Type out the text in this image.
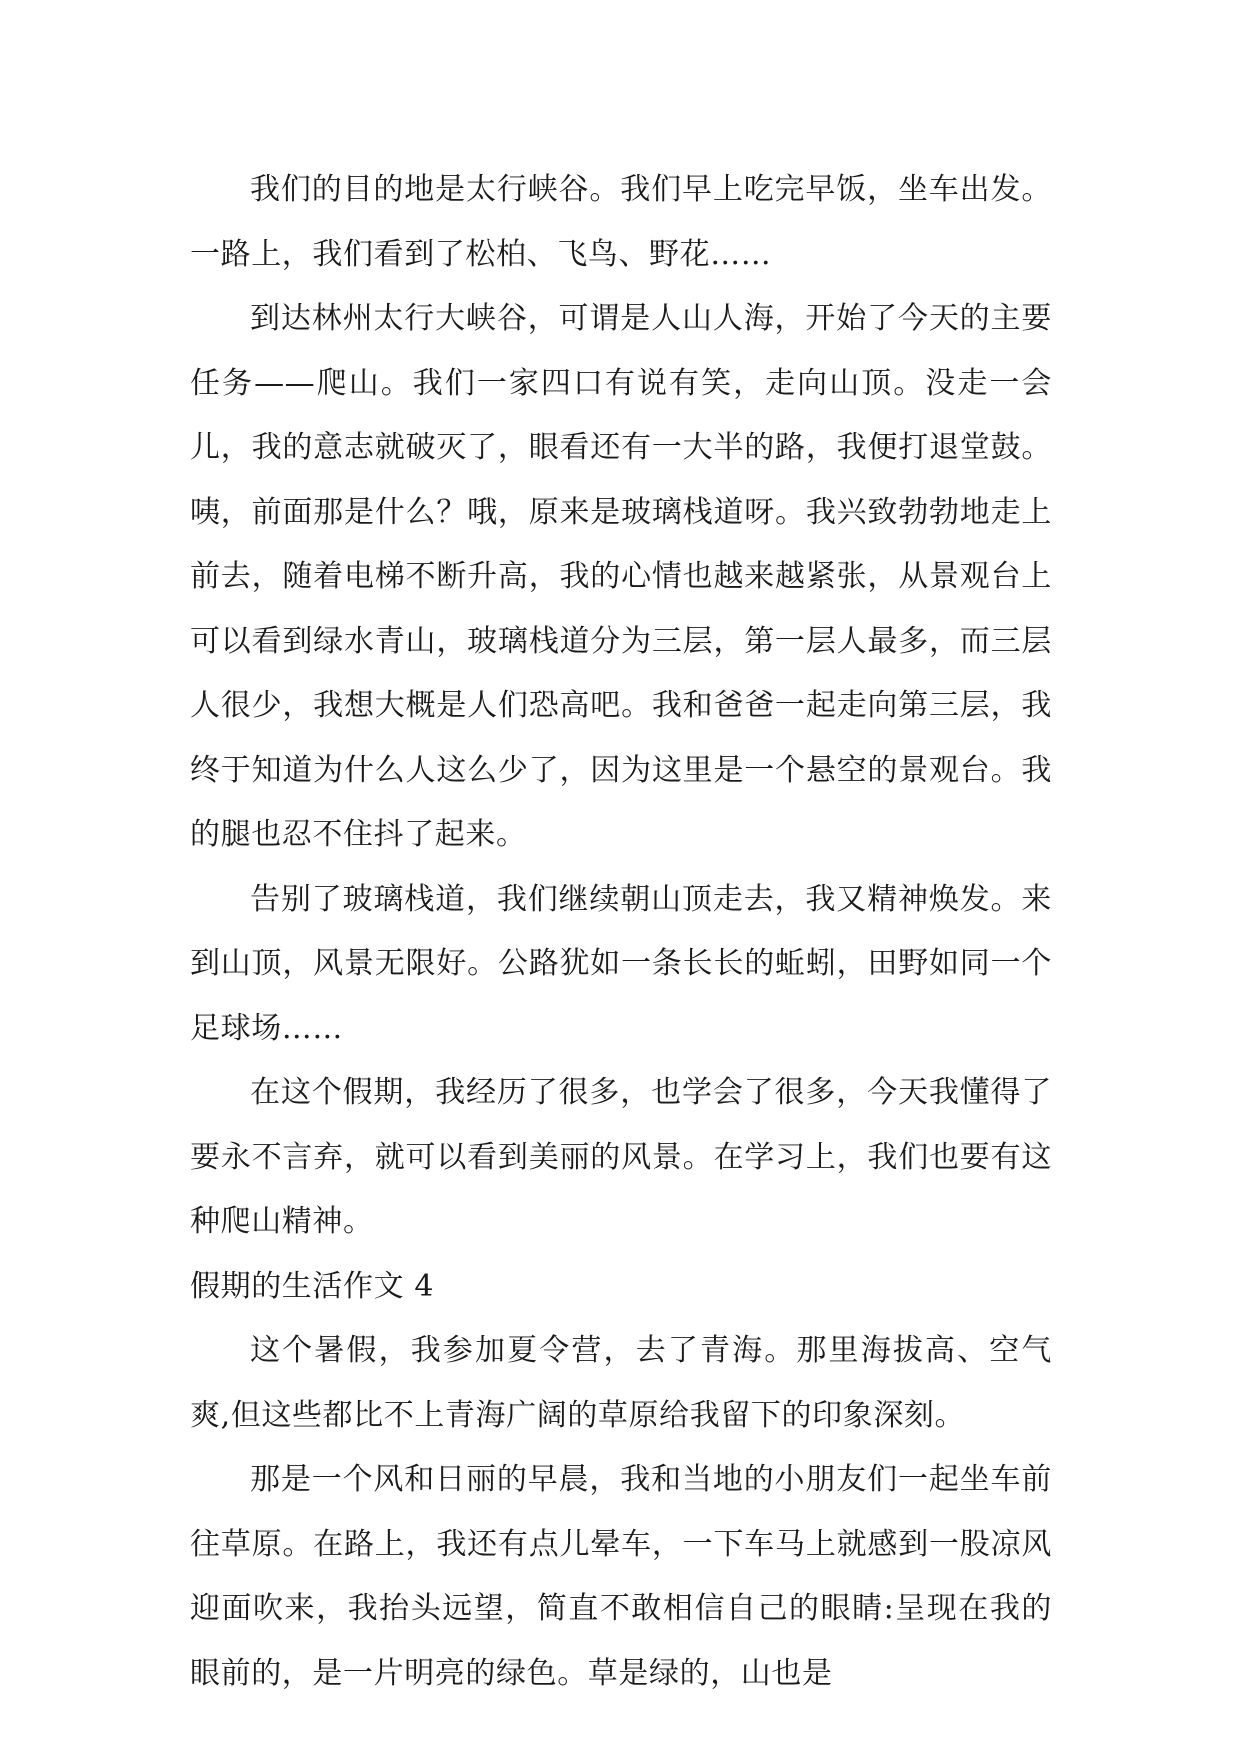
我们的目的地是太行峡谷。我们早上吃完早饭，坐车出发。一路上，我们看到了松柏、飞鸟、野花……

到达林州太行大峡谷，可谓是人山人海，开始了今天的主要任务——爬山。我们一家四口有说有笑，走向山顶。没走一会儿，我的意志就破灭了，眼看还有一大半的路，我便打退堂鼓。咦，前面那是什么？哦，原来是玻璃栈道呀。我兴致勃勃地走上前去，随着电梯不断升高，我的心情也越来越紧张，从景观台上可以看到绿水青山，玻璃栈道分为三层，第一层人最多，而三层人很少，我想大概是人们恐高吧。我和爸爸一起走向第三层，我终于知道为什么人这么少了，因为这里是一个悬空的景观台。我的腿也忍不住抖了起来。

告别了玻璃栈道，我们继续朝山顶走去，我又精神焕发。来到山顶，风景无限好。公路犹如一条长长的蚯蚓，田野如同一个足球场……

在这个假期，我经历了很多，也学会了很多，今天我懂得了要永不言弃，就可以看到美丽的风景。在学习上，我们也要有这种爬山精神。

假期的生活作文 4

这个暑假，我参加夏令营，去了青海。那里海拔高、空气爽,但这些都比不上青海广阔的草原给我留下的印象深刻。

那是一个风和日丽的早晨，我和当地的小朋友们一起坐车前往草原。在路上，我还有点儿晕车，一下车马上就感到一股凉风迎面吹来，我抬头远望，简直不敢相信自己的眼睛:呈现在我的眼前的，是一片明亮的绿色。草是绿的，山也是
